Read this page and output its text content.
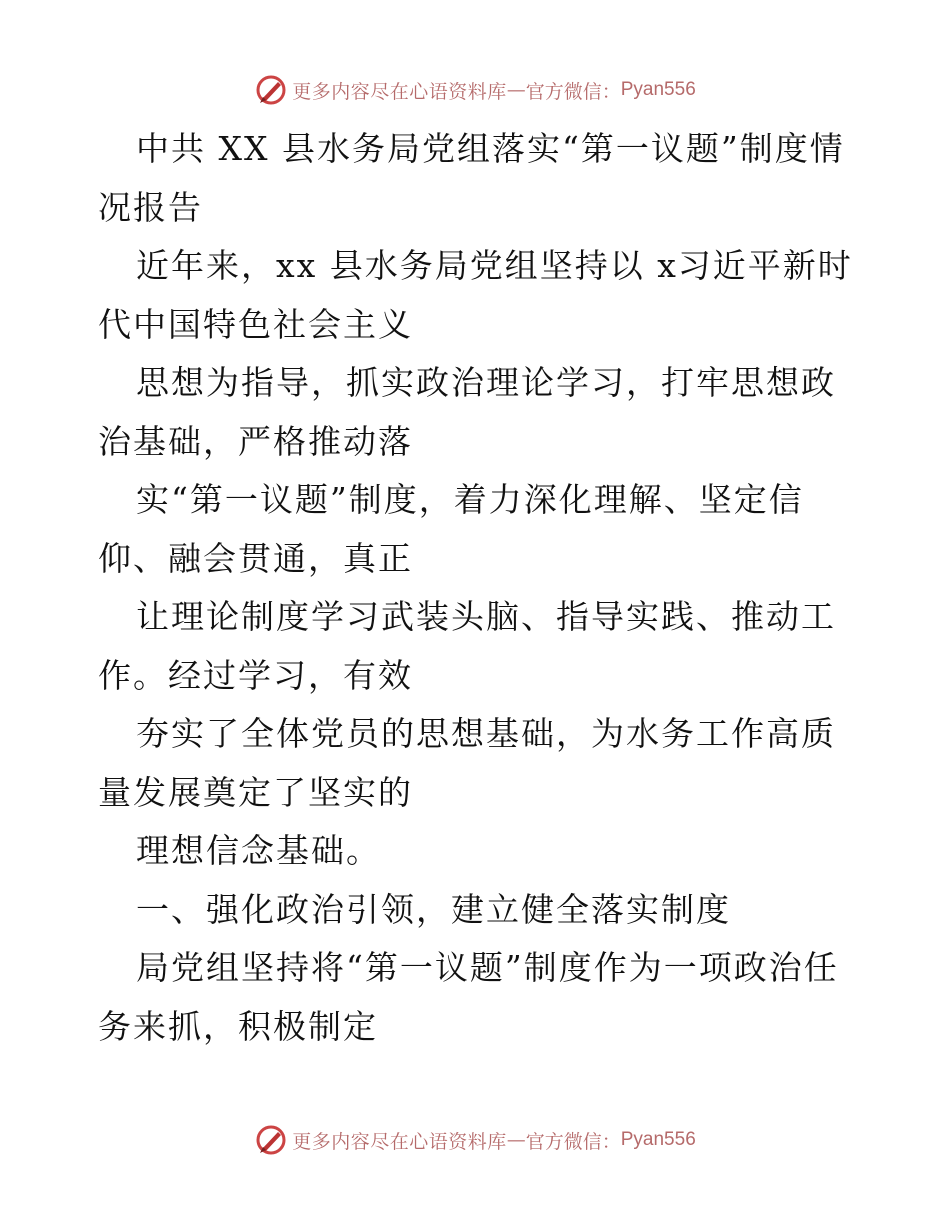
更多内容尽在心语资料库 — 官方微信： Pyan556

中共 XX 县水务局党组落实“第一议题”制度情况报告

近年来，xx 县水务局党组坚持以 x习近平新时代中国特色社会主义

思想为指导，抓实政治理论学习，打牢思想政治基础，严格推动落

实“第一议题”制度，着力深化理解、坚定信仰、融会贯通，真正

让理论制度学习武装头脑、指导实践、推动工作。经过学习，有效

夯实了全体党员的思想基础，为水务工作高质量发展奠定了坚实的

理想信念基础。

一、强化政治引领，建立健全落实制度

局党组坚持将“第一议题”制度作为一项政治任务来抓，积极制定

更多内容尽在心语资料库 — 官方微信： Pyan556
